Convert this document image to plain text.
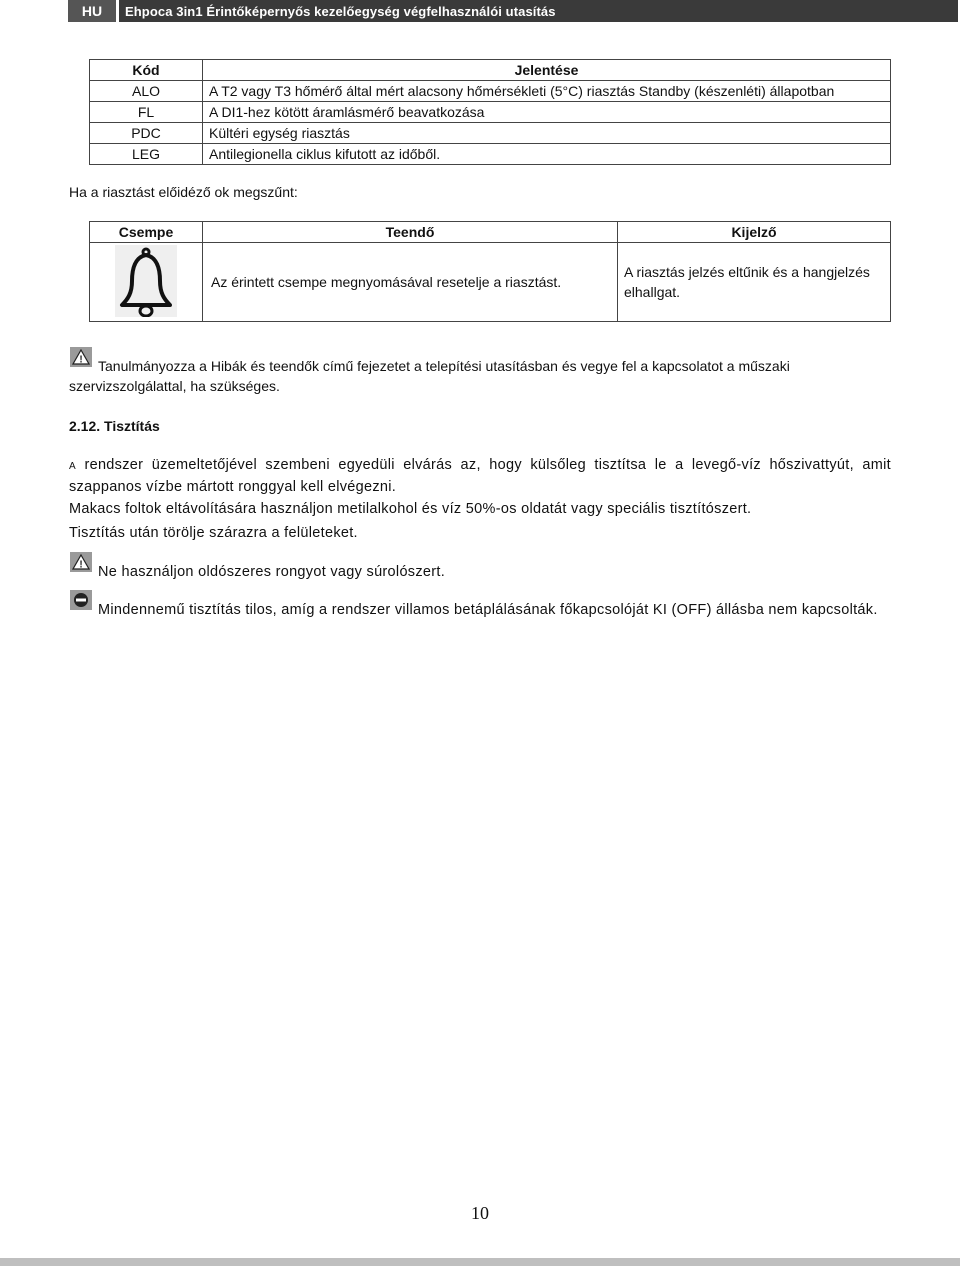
HU	Ehpoca 3in1 Érintőképernyős kezelőegység végfelhasználói utasítás
Kód	Jelentése
ALO	A T2 vagy T3 hőmérő által mért alacsony hőmérsékleti (5°C) riasztás Standby (készenléti) állapotban
FL	A DI1-hez kötött áramlásmérő beavatkozása
PDC	Kültéri egység riasztás
LEG	Antilegionella ciklus kifutott az időből.
Ha a riasztást előidéző ok megszűnt:
Csempe	Teendő	Kijelző
	Az érintett csempe megnyomásával resetelje a riasztást.	A riasztás jelzés eltűnik és a hangjelzés elhallgat.
!	Tanulmányozza a Hibák és teendők című fejezetet a telepítési utasításban és vegye fel a kapcsolatot a műszaki szervizszolgálattal, ha szükséges.
2.12. Tisztítás
A rendszer üzemeltetőjével szembeni egyedüli elvárás az, hogy külsőleg tisztítsa le a levegő-víz hőszivattyút, amit szappanos vízbe mártott ronggyal kell elvégezni.
Makacs foltok eltávolítására használjon metilalkohol és víz 50%-os oldatát vagy speciális tisztítószert.
Tisztítás után törölje szárazra a felületeket.
! Ne használjon oldószeres rongyot vagy súrolószert.
Mindennemű tisztítás tilos, amíg a rendszer villamos betáplálásának főkapcsolóját KI (OFF) állásba nem kapcsolták.
10
